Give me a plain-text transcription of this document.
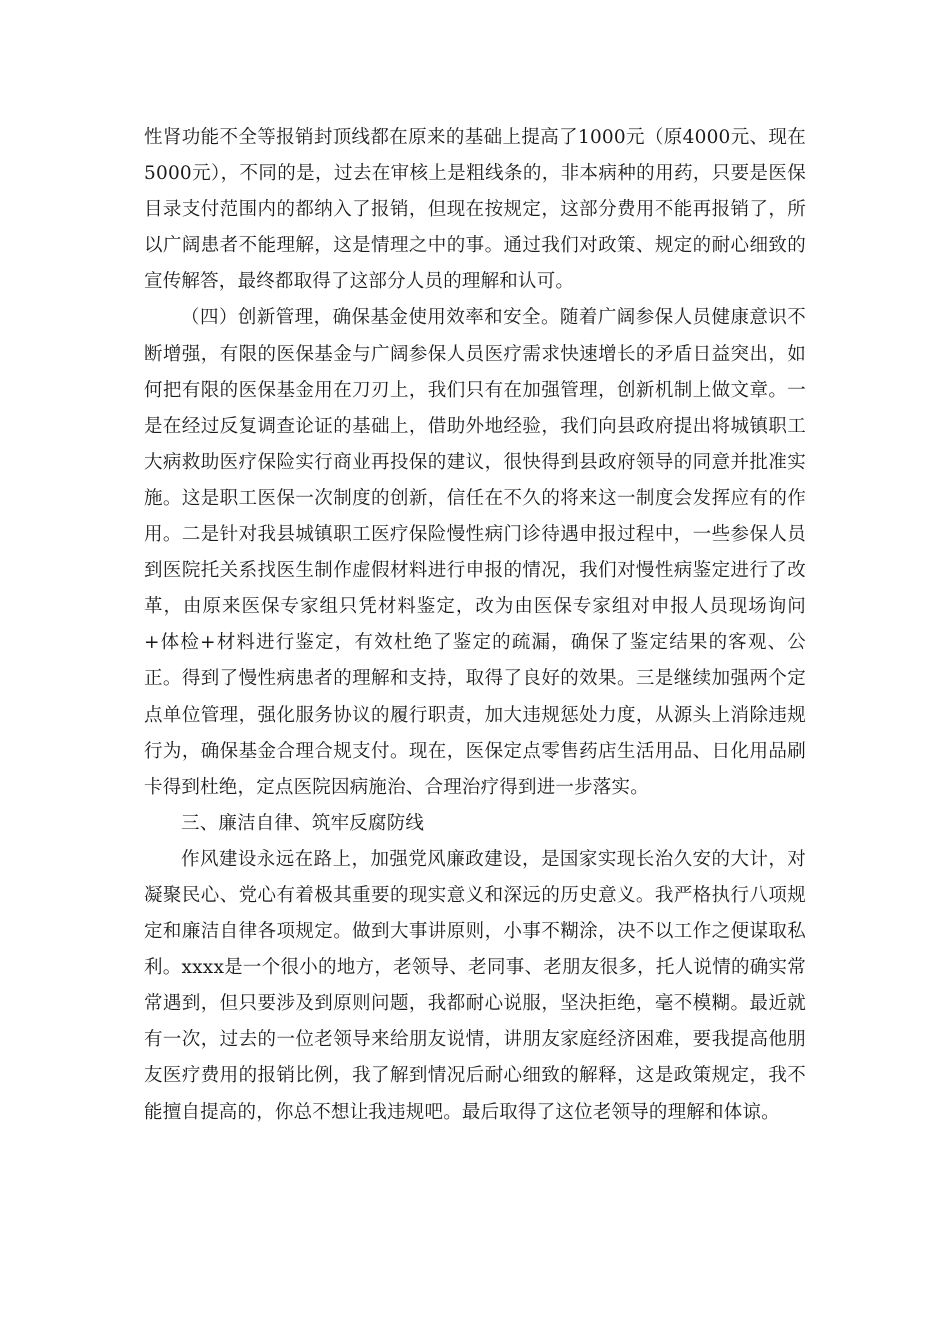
性肾功能不全等报销封顶线都在原来的基础上提高了1000元（原4000元、现在5000元），不同的是，过去在审核上是粗线条的，非本病种的用药，只要是医保目录支付范围内的都纳入了报销，但现在按规定，这部分费用不能再报销了，所以广阔患者不能理解，这是情理之中的事。通过我们对政策、规定的耐心细致的宣传解答，最终都取得了这部分人员的理解和认可。

（四）创新管理，确保基金使用效率和安全。随着广阔参保人员健康意识不断增强，有限的医保基金与广阔参保人员医疗需求快速增长的矛盾日益突出，如何把有限的医保基金用在刀刃上，我们只有在加强管理，创新机制上做文章。一是在经过反复调查论证的基础上，借助外地经验，我们向县政府提出将城镇职工大病救助医疗保险实行商业再投保的建议，很快得到县政府领导的同意并批准实施。这是职工医保一次制度的创新，信任在不久的将来这一制度会发挥应有的作用。二是针对我县城镇职工医疗保险慢性病门诊待遇申报过程中，一些参保人员到医院托关系找医生制作虚假材料进行申报的情况，我们对慢性病鉴定进行了改革，由原来医保专家组只凭材料鉴定，改为由医保专家组对申报人员现场询问+体检+材料进行鉴定，有效杜绝了鉴定的疏漏，确保了鉴定结果的客观、公正。得到了慢性病患者的理解和支持，取得了良好的效果。三是继续加强两个定点单位管理，强化服务协议的履行职责，加大违规惩处力度，从源头上消除违规行为，确保基金合理合规支付。现在，医保定点零售药店生活用品、日化用品刷卡得到杜绝，定点医院因病施治、合理治疗得到进一步落实。

三、廉洁自律、筑牢反腐防线

作风建设永远在路上，加强党风廉政建设，是国家实现长治久安的大计，对凝聚民心、党心有着极其重要的现实意义和深远的历史意义。我严格执行八项规定和廉洁自律各项规定。做到大事讲原则，小事不糊涂，决不以工作之便谋取私利。xxxx是一个很小的地方，老领导、老同事、老朋友很多，托人说情的确实常常遇到，但只要涉及到原则问题，我都耐心说服，坚決拒绝，毫不模糊。最近就有一次，过去的一位老领导来给朋友说情，讲朋友家庭经济困难，要我提高他朋友医疗费用的报销比例，我了解到情况后耐心细致的解释，这是政策规定，我不能擅自提高的，你总不想让我违规吧。最后取得了这位老领导的理解和体谅。
